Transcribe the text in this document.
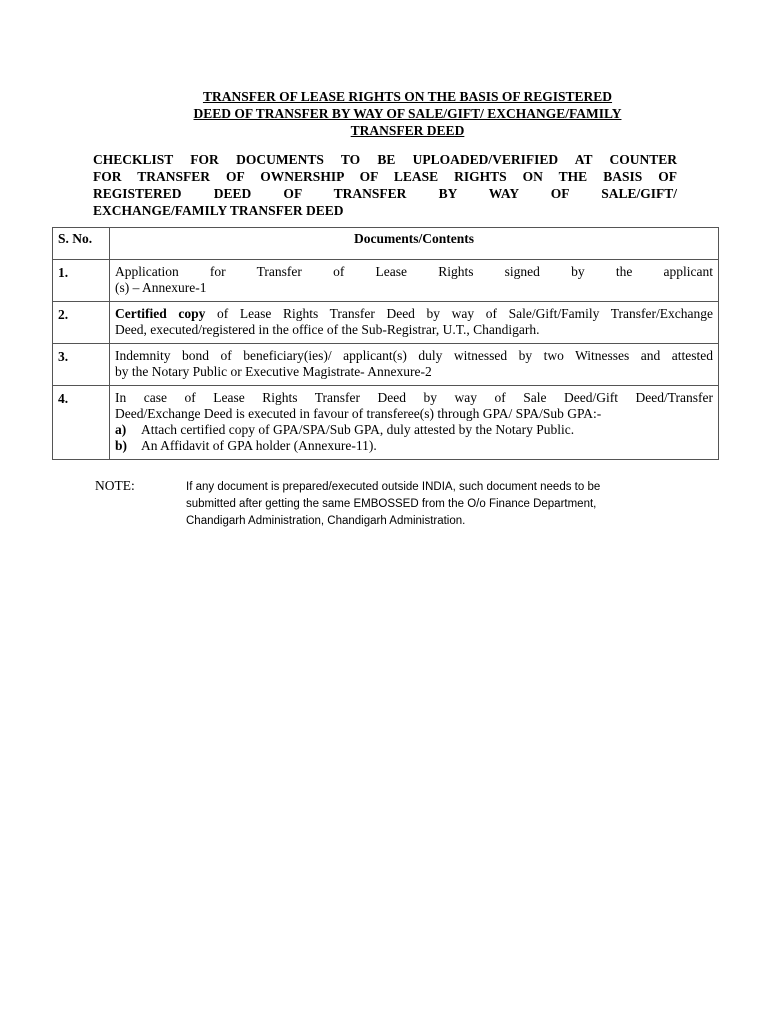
TRANSFER OF LEASE RIGHTS ON THE BASIS OF REGISTERED
DEED OF TRANSFER BY WAY OF SALE/GIFT/ EXCHANGE/FAMILY
TRANSFER DEED
CHECKLIST FOR DOCUMENTS TO BE UPLOADED/VERIFIED AT COUNTER
FOR TRANSFER OF OWNERSHIP OF LEASE RIGHTS ON THE BASIS OF
REGISTERED DEED OF TRANSFER BY WAY OF SALE/GIFT/
EXCHANGE/FAMILY TRANSFER DEED
S. No.	Documents/Contents
1.	Application for Transfer of Lease Rights signed by the applicant
(s) – Annexure-1

2.	Certified copy of Lease Rights Transfer Deed by way of Sale/Gift/Family Transfer/Exchange
Deed, executed/registered in the office of the Sub-Registrar, U.T., Chandigarh.

3.	Indemnity bond of beneficiary(ies)/ applicant(s) duly witnessed by two Witnesses and attested
by the Notary Public or Executive Magistrate- Annexure-2

4.	In case of Lease Rights Transfer Deed by way of Sale Deed/Gift Deed/Transfer
Deed/Exchange Deed is executed in favour of transferee(s) through GPA/ SPA/Sub GPA:-
a) Attach certified copy of GPA/SPA/Sub GPA, duly attested by the Notary Public.
b) An Affidavit of GPA holder (Annexure-11).
NOTE:	If any document is prepared/executed outside INDIA, such document needs to be
submitted after getting the same EMBOSSED from the O/o Finance Department,
Chandigarh Administration, Chandigarh Administration.
